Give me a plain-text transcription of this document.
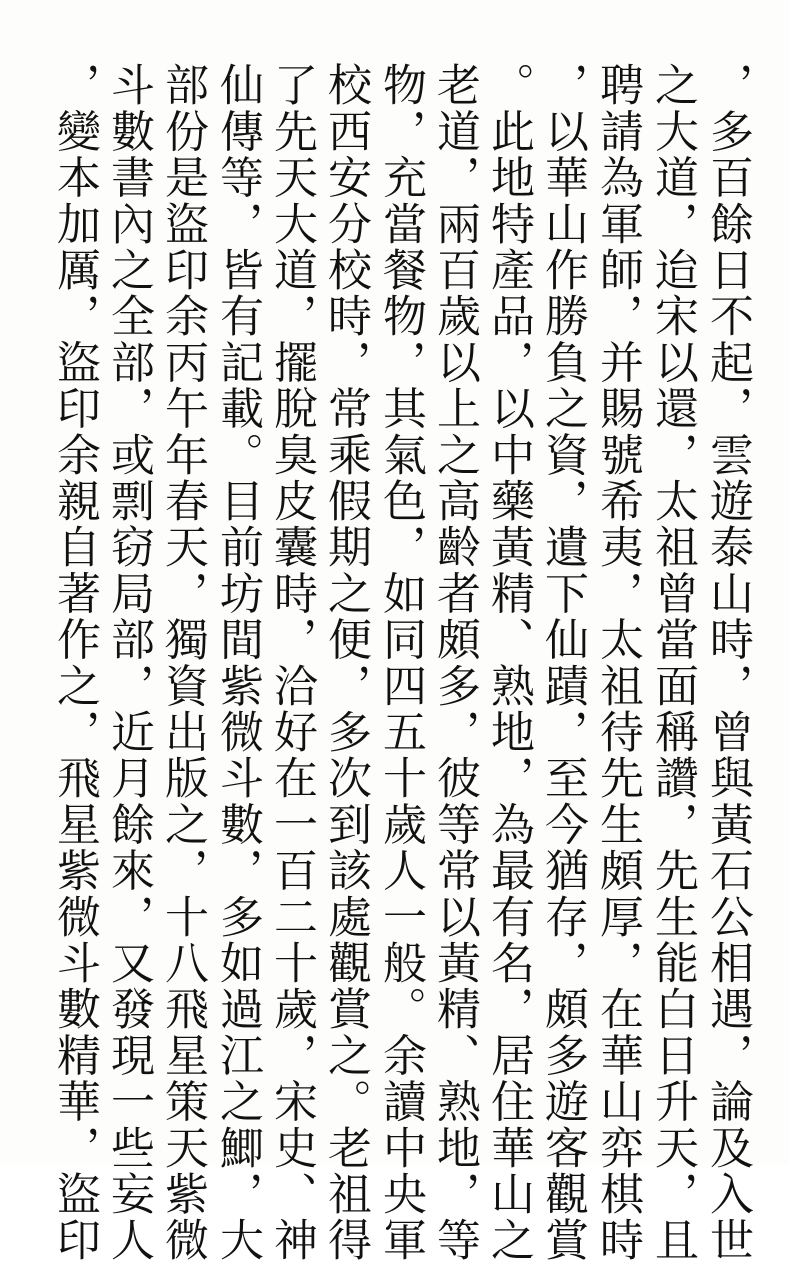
，多百餘日不起，雲遊泰山時，曾與黃石公相遇，論及入世
之大道，迨宋以還，太祖曾當面稱讚，先生能白日升天，且
聘請為軍師，并賜號希夷，太祖待先生頗厚，在華山弈棋時
，以華山作勝負之資，遺下仙蹟，至今猶存，頗多遊客觀賞
。此地特產品，以中藥黃精、熟地，為最有名，居住華山之
老道，兩百歲以上之高齡者頗多，彼等常以黃精、熟地，等
物，充當餐物，其氣色，如同四五十歲人一般。余讀中央軍
校西安分校時，常乘假期之便，多次到該處觀賞之。老祖得
了先天大道，擺脫臭皮囊時，洽好在一百二十歲，宋史、神
仙傳等，皆有記載。目前坊間紫微斗數，多如過江之鯽，大
部份是盜印余丙午年春天，獨資出版之，十八飛星策天紫微
斗數書內之全部，或剽窃局部，近月餘來，又發現一些妄人
，變本加厲，盜印余親自著作之，飛星紫微斗數精華，盜印
